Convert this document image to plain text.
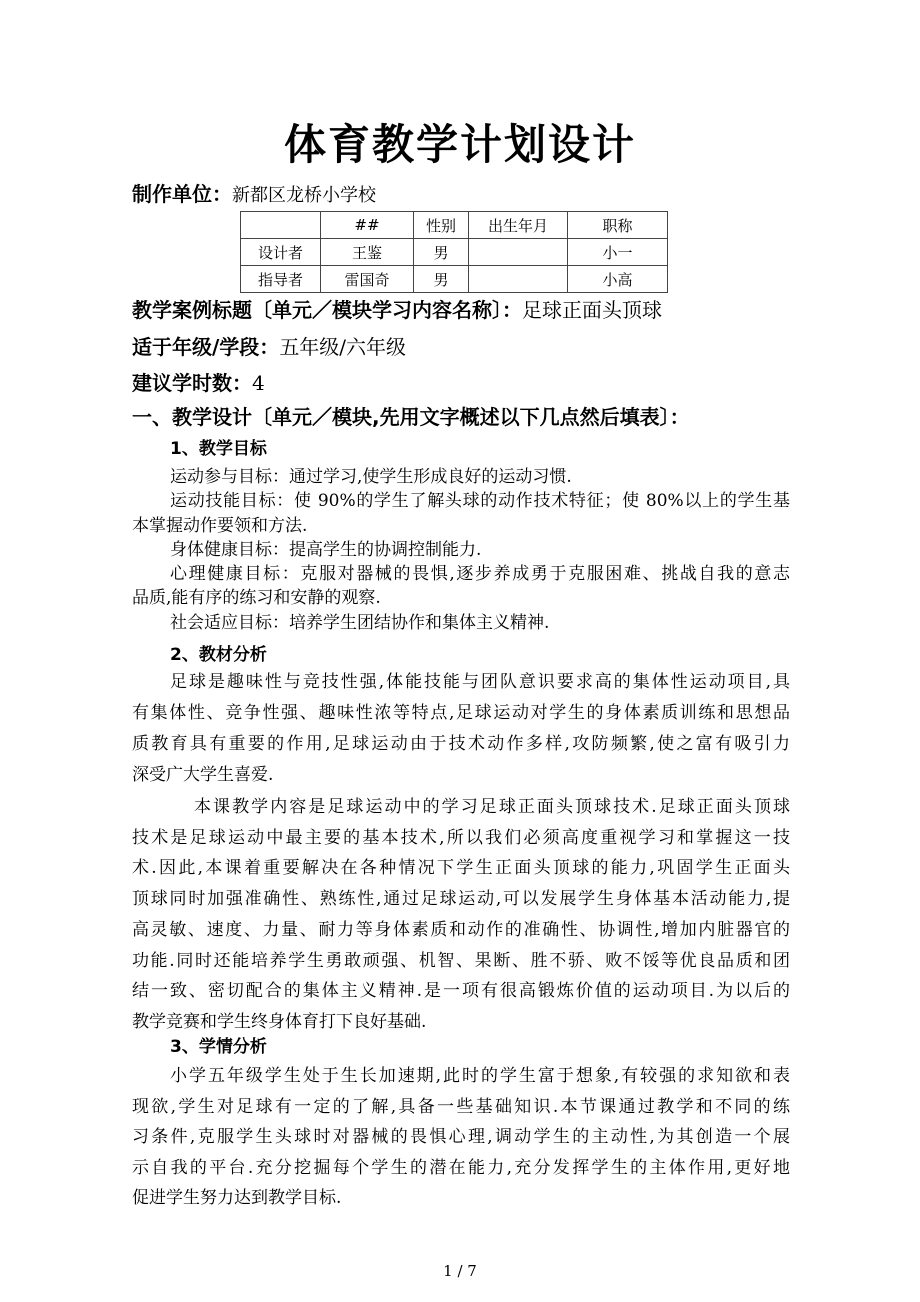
体育教学计划设计
制作单位：新都区龙桥小学校
	##	性别	出生年月	职称
设计者	王鉴	男		小一
指导者	雷国奇	男		小高
教学案例标题〔单元／模块学习内容名称〕：足球正面头顶球
适于年级/学段：五年级/六年级
建议学时数：4
一、教学设计〔单元／模块,先用文字概述以下几点然后填表〕：
1、教学目标
运动参与目标：通过学习,使学生形成良好的运动习惯.
运动技能目标：使 90%的学生了解头球的动作技术特征；使 80%以上的学生基
本掌握动作要领和方法.
身体健康目标：提高学生的协调控制能力.
心理健康目标：克服对器械的畏惧,逐步养成勇于克服困难、挑战自我的意志
品质,能有序的练习和安静的观察.
社会适应目标：培养学生团结协作和集体主义精神.
2、教材分析
足球是趣味性与竞技性强,体能技能与团队意识要求高的集体性运动项目,具
有集体性、竞争性强、趣味性浓等特点,足球运动对学生的身体素质训练和思想品
质教育具有重要的作用,足球运动由于技术动作多样,攻防频繁,使之富有吸引力
深受广大学生喜爱.
本课教学内容是足球运动中的学习足球正面头顶球技术.足球正面头顶球
技术是足球运动中最主要的基本技术,所以我们必须高度重视学习和掌握这一技
术.因此,本课着重要解决在各种情况下学生正面头顶球的能力,巩固学生正面头
顶球同时加强准确性、熟练性,通过足球运动,可以发展学生身体基本活动能力,提
高灵敏、速度、力量、耐力等身体素质和动作的准确性、协调性,增加内脏器官的
功能.同时还能培养学生勇敢顽强、机智、果断、胜不骄、败不馁等优良品质和团
结一致、密切配合的集体主义精神.是一项有很高锻炼价值的运动项目.为以后的
教学竞赛和学生终身体育打下良好基础.
3、学情分析
小学五年级学生处于生长加速期,此时的学生富于想象,有较强的求知欲和表
现欲,学生对足球有一定的了解,具备一些基础知识.本节课通过教学和不同的练
习条件,克服学生头球时对器械的畏惧心理,调动学生的主动性,为其创造一个展
示自我的平台.充分挖掘每个学生的潜在能力,充分发挥学生的主体作用,更好地
促进学生努力达到教学目标.
1 / 7
